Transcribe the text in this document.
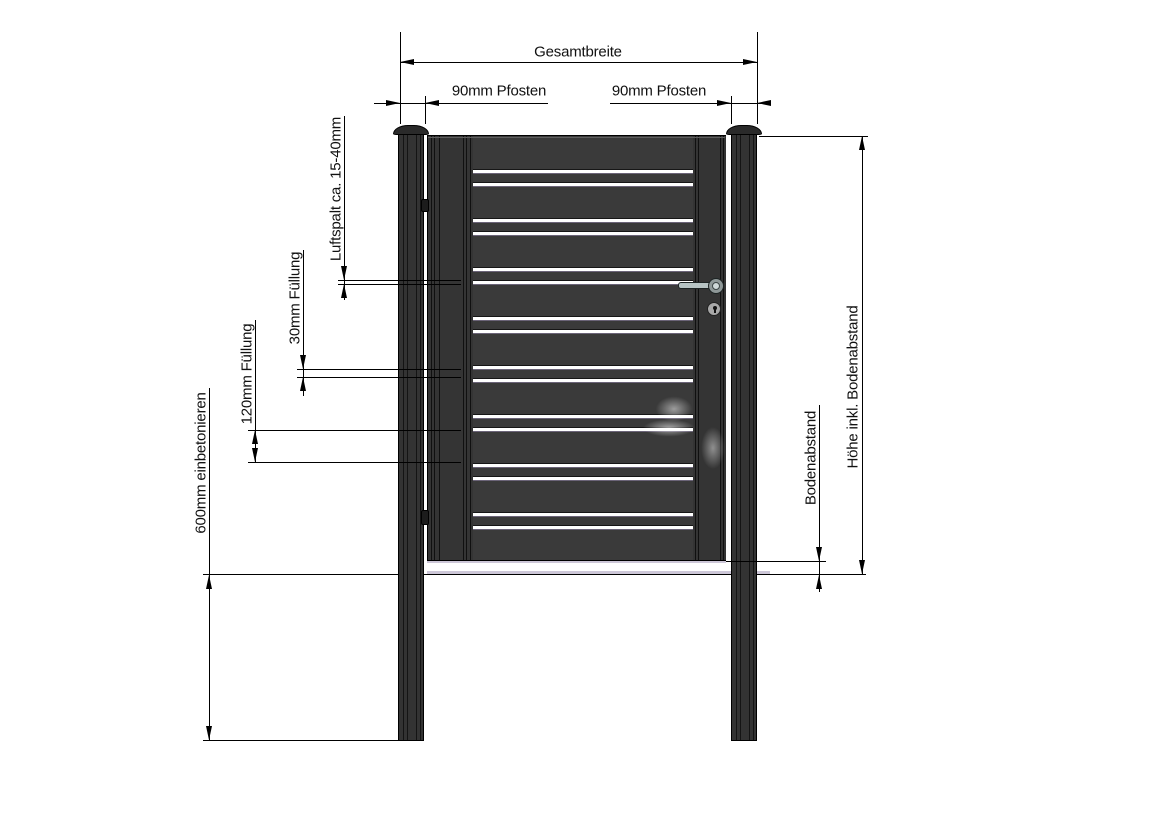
Gesamtbreite
90mm Pfosten	90mm Pfosten
Luftspalt ca. 15-40mm
30mm Füllung
120mm Füllung
600mm einbetonieren	Höhe inkl. Bodenabstand
Bodenabstand
